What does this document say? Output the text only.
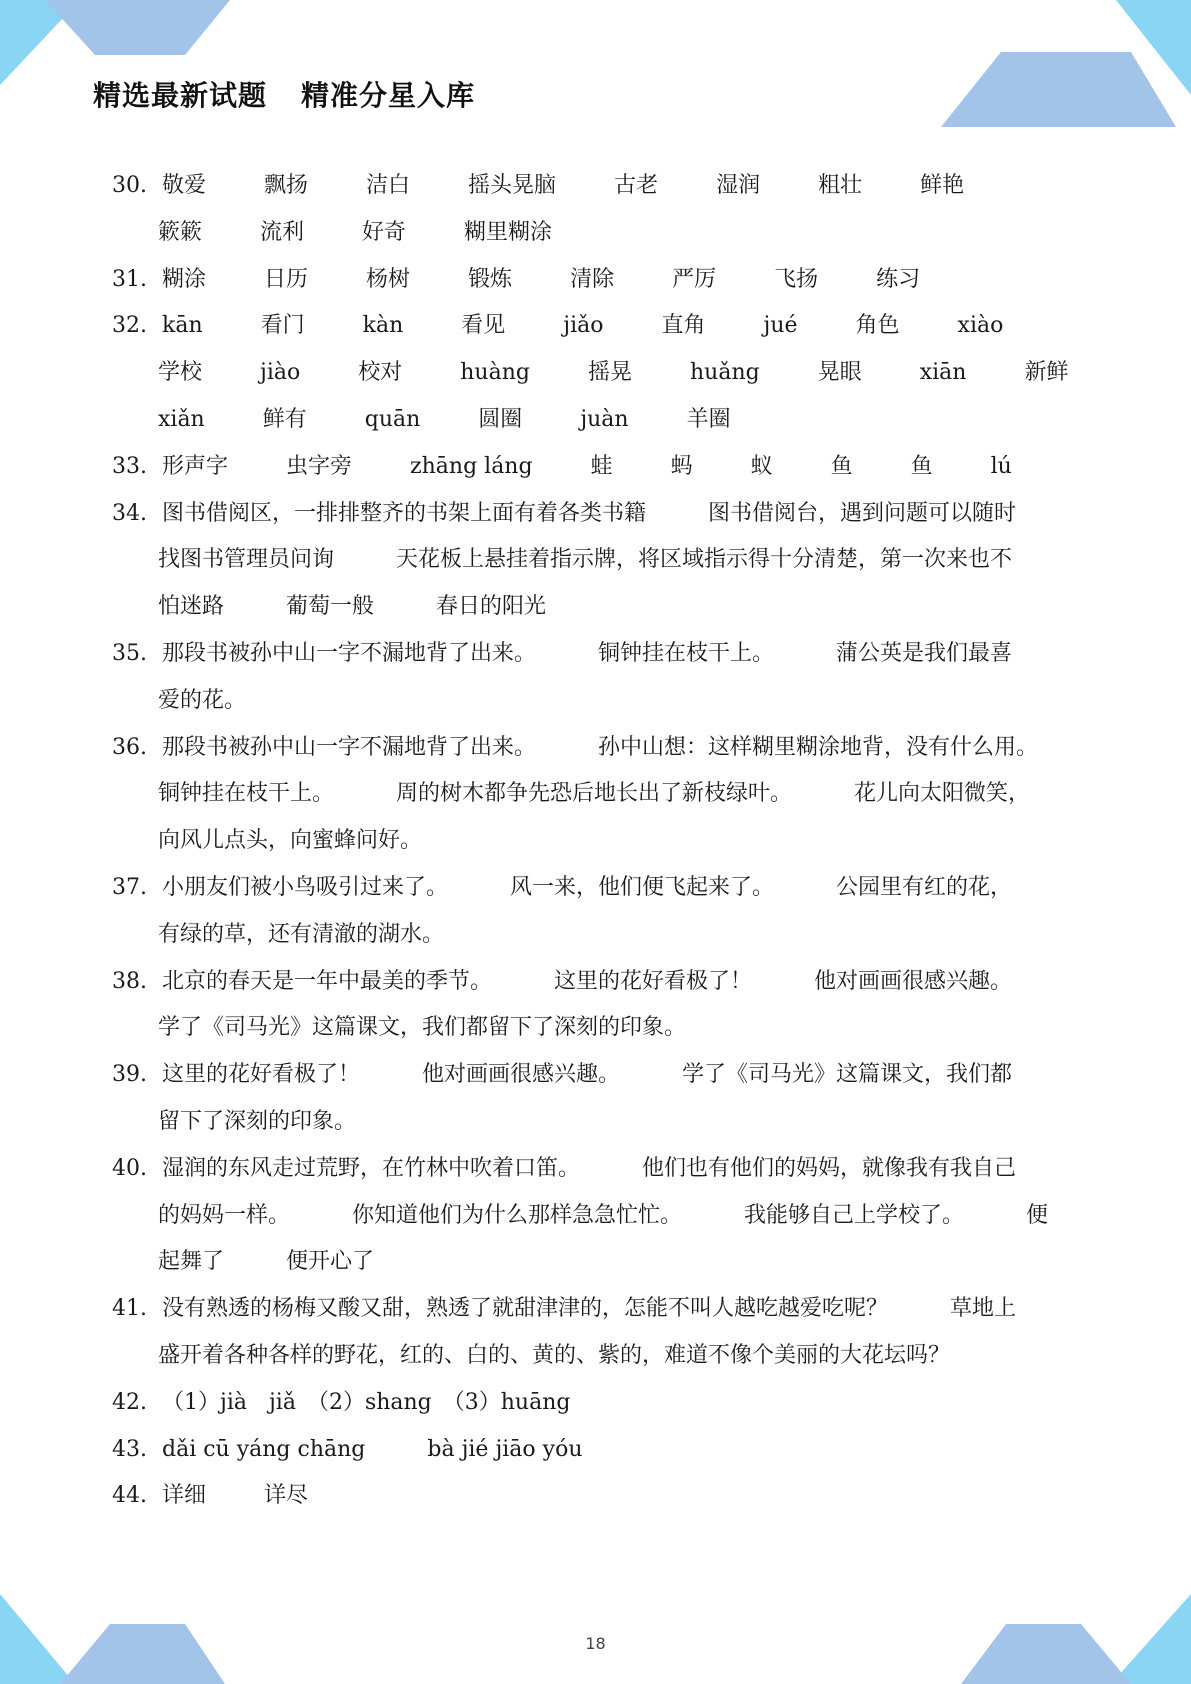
精选最新试题 精准分星入库
30. 敬爱	飘扬	洁白	摇头晃脑	古老	湿润	粗壮	鲜艳
簌簌	流利	好奇	糊里糊涂
31. 糊涂	日历	杨树	锻炼	清除	严厉	飞扬	练习
32. kān	看门	kàn	看见	jiǎo	直角	jué	角色	xiào
学校	jiào	校对	huàng	摇晃	huǎng	晃眼	xiān	新鲜
xiǎn	鲜有	quān	圆圈	juàn	羊圈
33. 形声字	虫字旁	zhāng láng	蛙	蚂	蚁	鱼	鱼	lú
34. 图书借阅区，一排排整齐的书架上面有着各类书籍	图书借阅台，遇到问题可以随时
找图书管理员问询	天花板上悬挂着指示牌，将区域指示得十分清楚，第一次来也不
怕迷路	葡萄一般	春日的阳光
35. 那段书被孙中山一字不漏地背了出来。	铜钟挂在枝干上。	蒲公英是我们最喜
爱的花。
36. 那段书被孙中山一字不漏地背了出来。	孙中山想：这样糊里糊涂地背，没有什么用。
铜钟挂在枝干上。	周的树木都争先恐后地长出了新枝绿叶。	花儿向太阳微笑，
向风儿点头，向蜜蜂问好。
37. 小朋友们被小鸟吸引过来了。	风一来，他们便飞起来了。	公园里有红的花，
有绿的草，还有清澈的湖水。
38. 北京的春天是一年中最美的季节。	这里的花好看极了！	他对画画很感兴趣。
学了《司马光》这篇课文，我们都留下了深刻的印象。
39. 这里的花好看极了！	他对画画很感兴趣。	学了《司马光》这篇课文，我们都
留下了深刻的印象。
40. 湿润的东风走过荒野，在竹林中吹着口笛。	他们也有他们的妈妈，就像我有我自己
的妈妈一样。	你知道他们为什么那样急急忙忙。	我能够自己上学校了。	便
起舞了	便开心了
41. 没有熟透的杨梅又酸又甜，熟透了就甜津津的，怎能不叫人越吃越爱吃呢？	草地上
盛开着各种各样的野花，红的、白的、黄的、紫的，难道不像个美丽的大花坛吗？
42. （1）jià　jiǎ　（2）shang　（3）huāng
43. dǎi cū yáng chāng	bà jié jiāo yóu
44. 详细	详尽
18
